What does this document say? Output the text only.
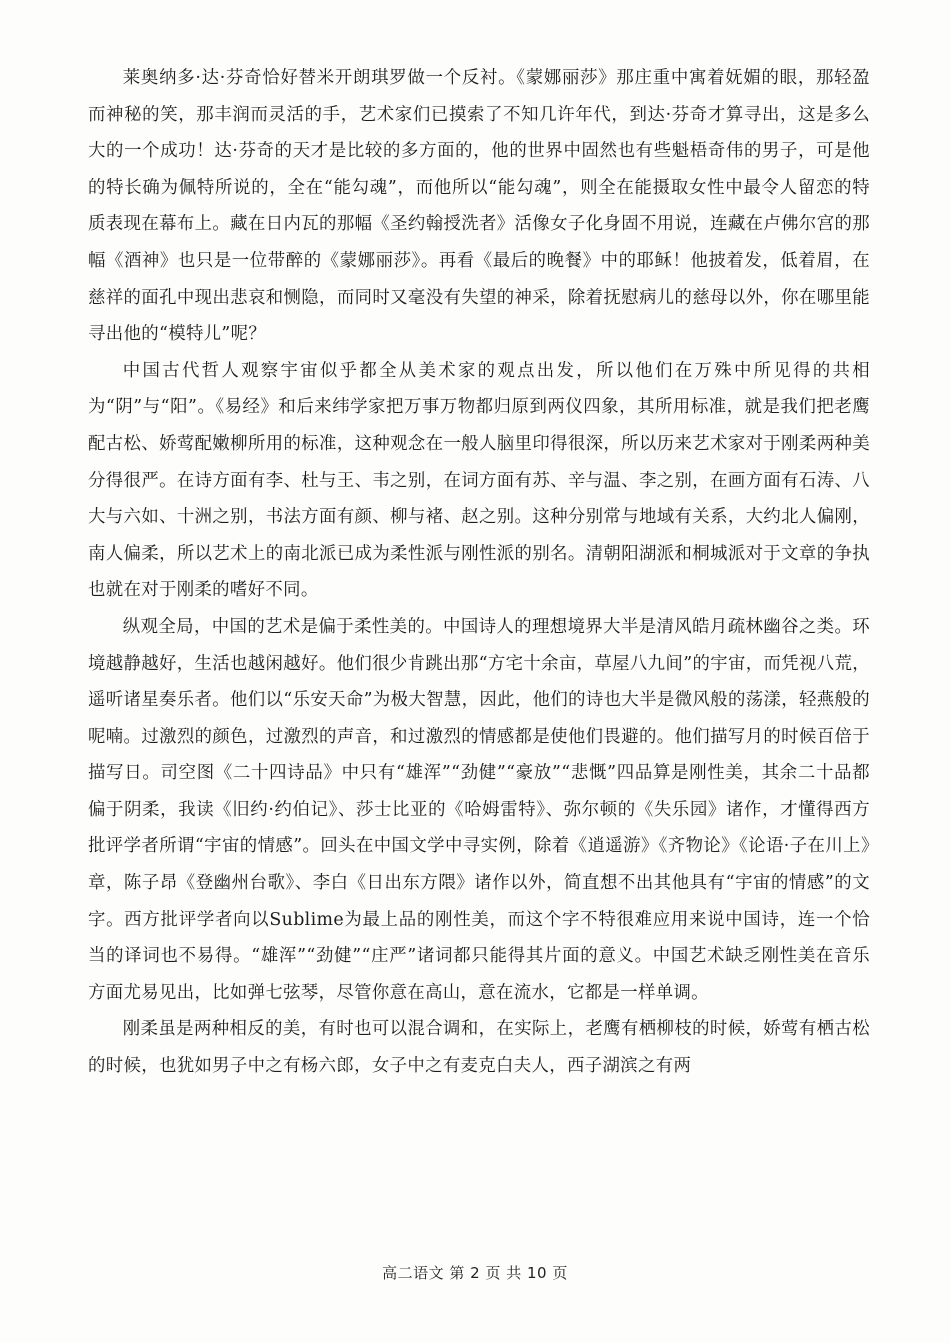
莱奥纳多·达·芬奇恰好替米开朗琪罗做一个反衬。《蒙娜丽莎》那庄重中寓着妩媚的眼，那轻盈而神秘的笑，那丰润而灵活的手，艺术家们已摸索了不知几许年代，到达·芬奇才算寻出，这是多么大的一个成功！达·芬奇的天才是比较的多方面的，他的世界中固然也有些魁梧奇伟的男子，可是他的特长确为佩特所说的，全在“能勾魂”，而他所以“能勾魂”，则全在能摄取女性中最令人留恋的特质表现在幕布上。藏在日内瓦的那幅《圣约翰授洗者》活像女子化身固不用说，连藏在卢佛尔宫的那幅《酒神》也只是一位带醉的《蒙娜丽莎》。再看《最后的晚餐》中的耶稣！他披着发，低着眉，在慈祥的面孔中现出悲哀和恻隐，而同时又毫没有失望的神采，除着抚慰病儿的慈母以外，你在哪里能寻出他的“模特儿”呢？

中国古代哲人观察宇宙似乎都全从美术家的观点出发，所以他们在万殊中所见得的共相为“阴”与“阳”。《易经》和后来纬学家把万事万物都归原到两仪四象，其所用标准，就是我们把老鹰配古松、娇莺配嫩柳所用的标准，这种观念在一般人脑里印得很深，所以历来艺术家对于刚柔两种美分得很严。在诗方面有李、杜与王、韦之别，在词方面有苏、辛与温、李之别，在画方面有石涛、八大与六如、十洲之别，书法方面有颜、柳与褚、赵之别。这种分别常与地域有关系，大约北人偏刚，南人偏柔，所以艺术上的南北派已成为柔性派与刚性派的别名。清朝阳湖派和桐城派对于文章的争执也就在对于刚柔的嗜好不同。

纵观全局，中国的艺术是偏于柔性美的。中国诗人的理想境界大半是清风皓月疏林幽谷之类。环境越静越好，生活也越闲越好。他们很少肯跳出那“方宅十余亩，草屋八九间”的宇宙，而凭视八荒，遥听诸星奏乐者。他们以“乐安天命”为极大智慧，因此，他们的诗也大半是微风般的荡漾，轻燕般的呢喃。过激烈的颜色，过激烈的声音，和过激烈的情感都是使他们畏避的。他们描写月的时候百倍于描写日。司空图《二十四诗品》中只有“雄浑”“劲健”“豪放”“悲慨”四品算是刚性美，其余二十品都偏于阴柔，我读《旧约·约伯记》、莎士比亚的《哈姆雷特》、弥尔顿的《失乐园》诸作，才懂得西方批评学者所谓“宇宙的情感”。回头在中国文学中寻实例，除着《逍遥游》《齐物论》《论语·子在川上》章，陈子昂《登幽州台歌》、李白《日出东方隈》诸作以外，简直想不出其他具有“宇宙的情感”的文字。西方批评学者向以Sublime为最上品的刚性美，而这个字不特很难应用来说中国诗，连一个恰当的译词也不易得。“雄浑”“劲健”“庄严”诸词都只能得其片面的意义。中国艺术缺乏刚性美在音乐方面尤易见出，比如弹七弦琴，尽管你意在高山，意在流水，它都是一样单调。

刚柔虽是两种相反的美，有时也可以混合调和，在实际上，老鹰有栖柳枝的时候，娇莺有栖古松的时候，也犹如男子中之有杨六郎，女子中之有麦克白夫人，西子湖滨之有两

高二语文 第 2 页 共 10 页
